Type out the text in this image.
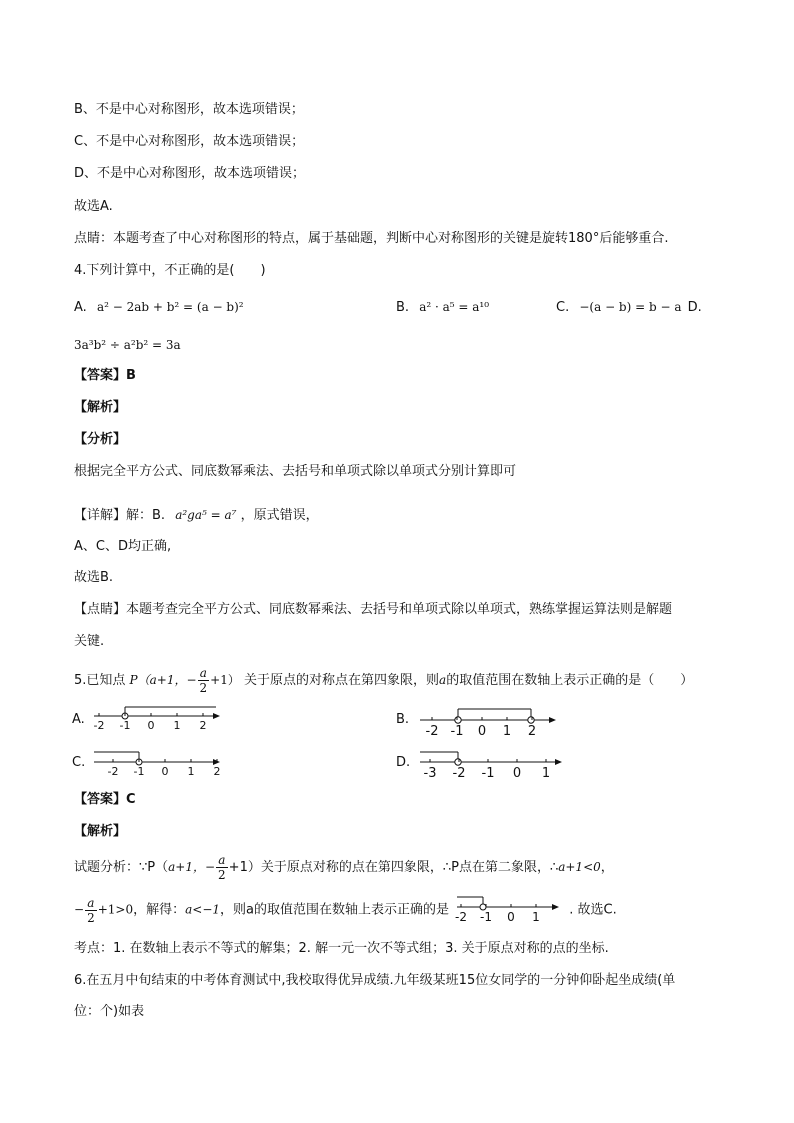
B、不是中心对称图形，故本选项错误；
C、不是中心对称图形，故本选项错误；
D、不是中心对称图形，故本选项错误；
故选A.
点睛：本题考查了中心对称图形的特点，属于基础题，判断中心对称图形的关键是旋转180°后能够重合.
4.下列计算中，不正确的是(　　)
A. a² − 2ab + b² = (a − b)²	B. a² · a⁵ = a¹⁰	C. −(a − b) = b − a D.
3a³b² ÷ a²b² = 3a
【答案】B
【解析】
【分析】
根据完全平方公式、同底数幂乘法、去括号和单项式除以单项式分别计算即可
【详解】解：B. a²ga⁵ = a⁷ ，原式错误，
A、C、D均正确,
故选B.
【点睛】本题考查完全平方公式、同底数幂乘法、去括号和单项式除以单项式，熟练掌握运算法则是解题
关键.
5.已知点 P（a+1，− $\frac{a}{2} +1$） 关于原点的对称点在第四象限，则a的取值范围在数轴上表示正确的是（　　）
A.	B.
C.	D.
-2 -1 0 1 2	-2 -1 0 1 2
-2 -1 0 1 2	-3 -2 -1 0 1
【答案】C
【解析】
试题分析：∵P（a+1，− $\frac{a}{2} +1$）关于原点对称的点在第四象限，∴P点在第二象限，∴a+1<0，
− $\frac{a}{2} +1>0$，解得：a<−1，则a的取值范围在数轴上表示正确的是 -2 -1 0 1 . 故选C.
考点：1. 在数轴上表示不等式的解集；2. 解一元一次不等式组；3. 关于原点对称的点的坐标.
6.在五月中旬结束的中考体育测试中,我校取得优异成绩.九年级某班15位女同学的一分钟仰卧起坐成绩(单
位：个)如表
